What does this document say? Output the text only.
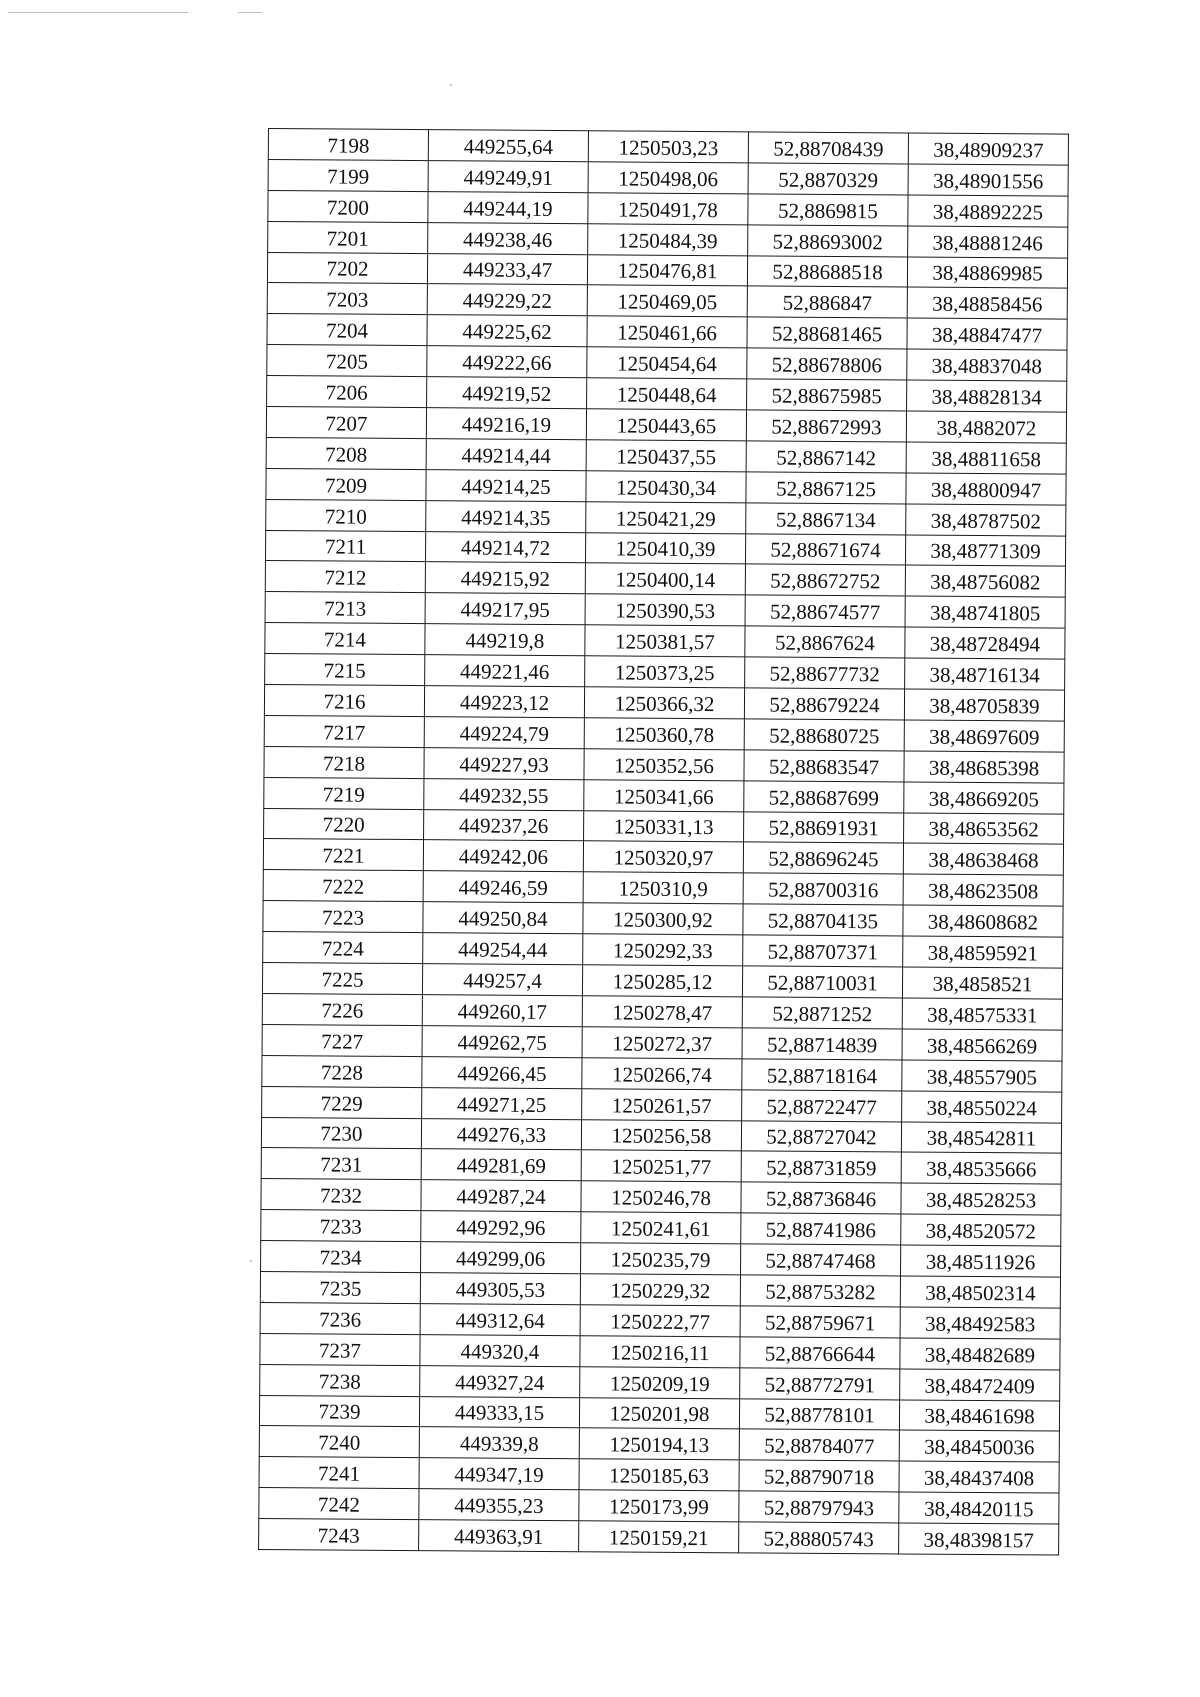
7198	449255,64	1250503,23	52,88708439	38,48909237
7199	449249,91	1250498,06	52,8870329	38,48901556
7200	449244,19	1250491,78	52,8869815	38,48892225
7201	449238,46	1250484,39	52,88693002	38,48881246
7202	449233,47	1250476,81	52,88688518	38,48869985
7203	449229,22	1250469,05	52,886847	38,48858456
7204	449225,62	1250461,66	52,88681465	38,48847477
7205	449222,66	1250454,64	52,88678806	38,48837048
7206	449219,52	1250448,64	52,88675985	38,48828134
7207	449216,19	1250443,65	52,88672993	38,4882072
7208	449214,44	1250437,55	52,8867142	38,48811658
7209	449214,25	1250430,34	52,8867125	38,48800947
7210	449214,35	1250421,29	52,8867134	38,48787502
7211	449214,72	1250410,39	52,88671674	38,48771309
7212	449215,92	1250400,14	52,88672752	38,48756082
7213	449217,95	1250390,53	52,88674577	38,48741805
7214	449219,8	1250381,57	52,8867624	38,48728494
7215	449221,46	1250373,25	52,88677732	38,48716134
7216	449223,12	1250366,32	52,88679224	38,48705839
7217	449224,79	1250360,78	52,88680725	38,48697609
7218	449227,93	1250352,56	52,88683547	38,48685398
7219	449232,55	1250341,66	52,88687699	38,48669205
7220	449237,26	1250331,13	52,88691931	38,48653562
7221	449242,06	1250320,97	52,88696245	38,48638468
7222	449246,59	1250310,9	52,88700316	38,48623508
7223	449250,84	1250300,92	52,88704135	38,48608682
7224	449254,44	1250292,33	52,88707371	38,48595921
7225	449257,4	1250285,12	52,88710031	38,4858521
7226	449260,17	1250278,47	52,8871252	38,48575331
7227	449262,75	1250272,37	52,88714839	38,48566269
7228	449266,45	1250266,74	52,88718164	38,48557905
7229	449271,25	1250261,57	52,88722477	38,48550224
7230	449276,33	1250256,58	52,88727042	38,48542811
7231	449281,69	1250251,77	52,88731859	38,48535666
7232	449287,24	1250246,78	52,88736846	38,48528253
7233	449292,96	1250241,61	52,88741986	38,48520572
7234	449299,06	1250235,79	52,88747468	38,48511926
7235	449305,53	1250229,32	52,88753282	38,48502314
7236	449312,64	1250222,77	52,88759671	38,48492583
7237	449320,4	1250216,11	52,88766644	38,48482689
7238	449327,24	1250209,19	52,88772791	38,48472409
7239	449333,15	1250201,98	52,88778101	38,48461698
7240	449339,8	1250194,13	52,88784077	38,48450036
7241	449347,19	1250185,63	52,88790718	38,48437408
7242	449355,23	1250173,99	52,88797943	38,48420115
7243	449363,91	1250159,21	52,88805743	38,48398157
